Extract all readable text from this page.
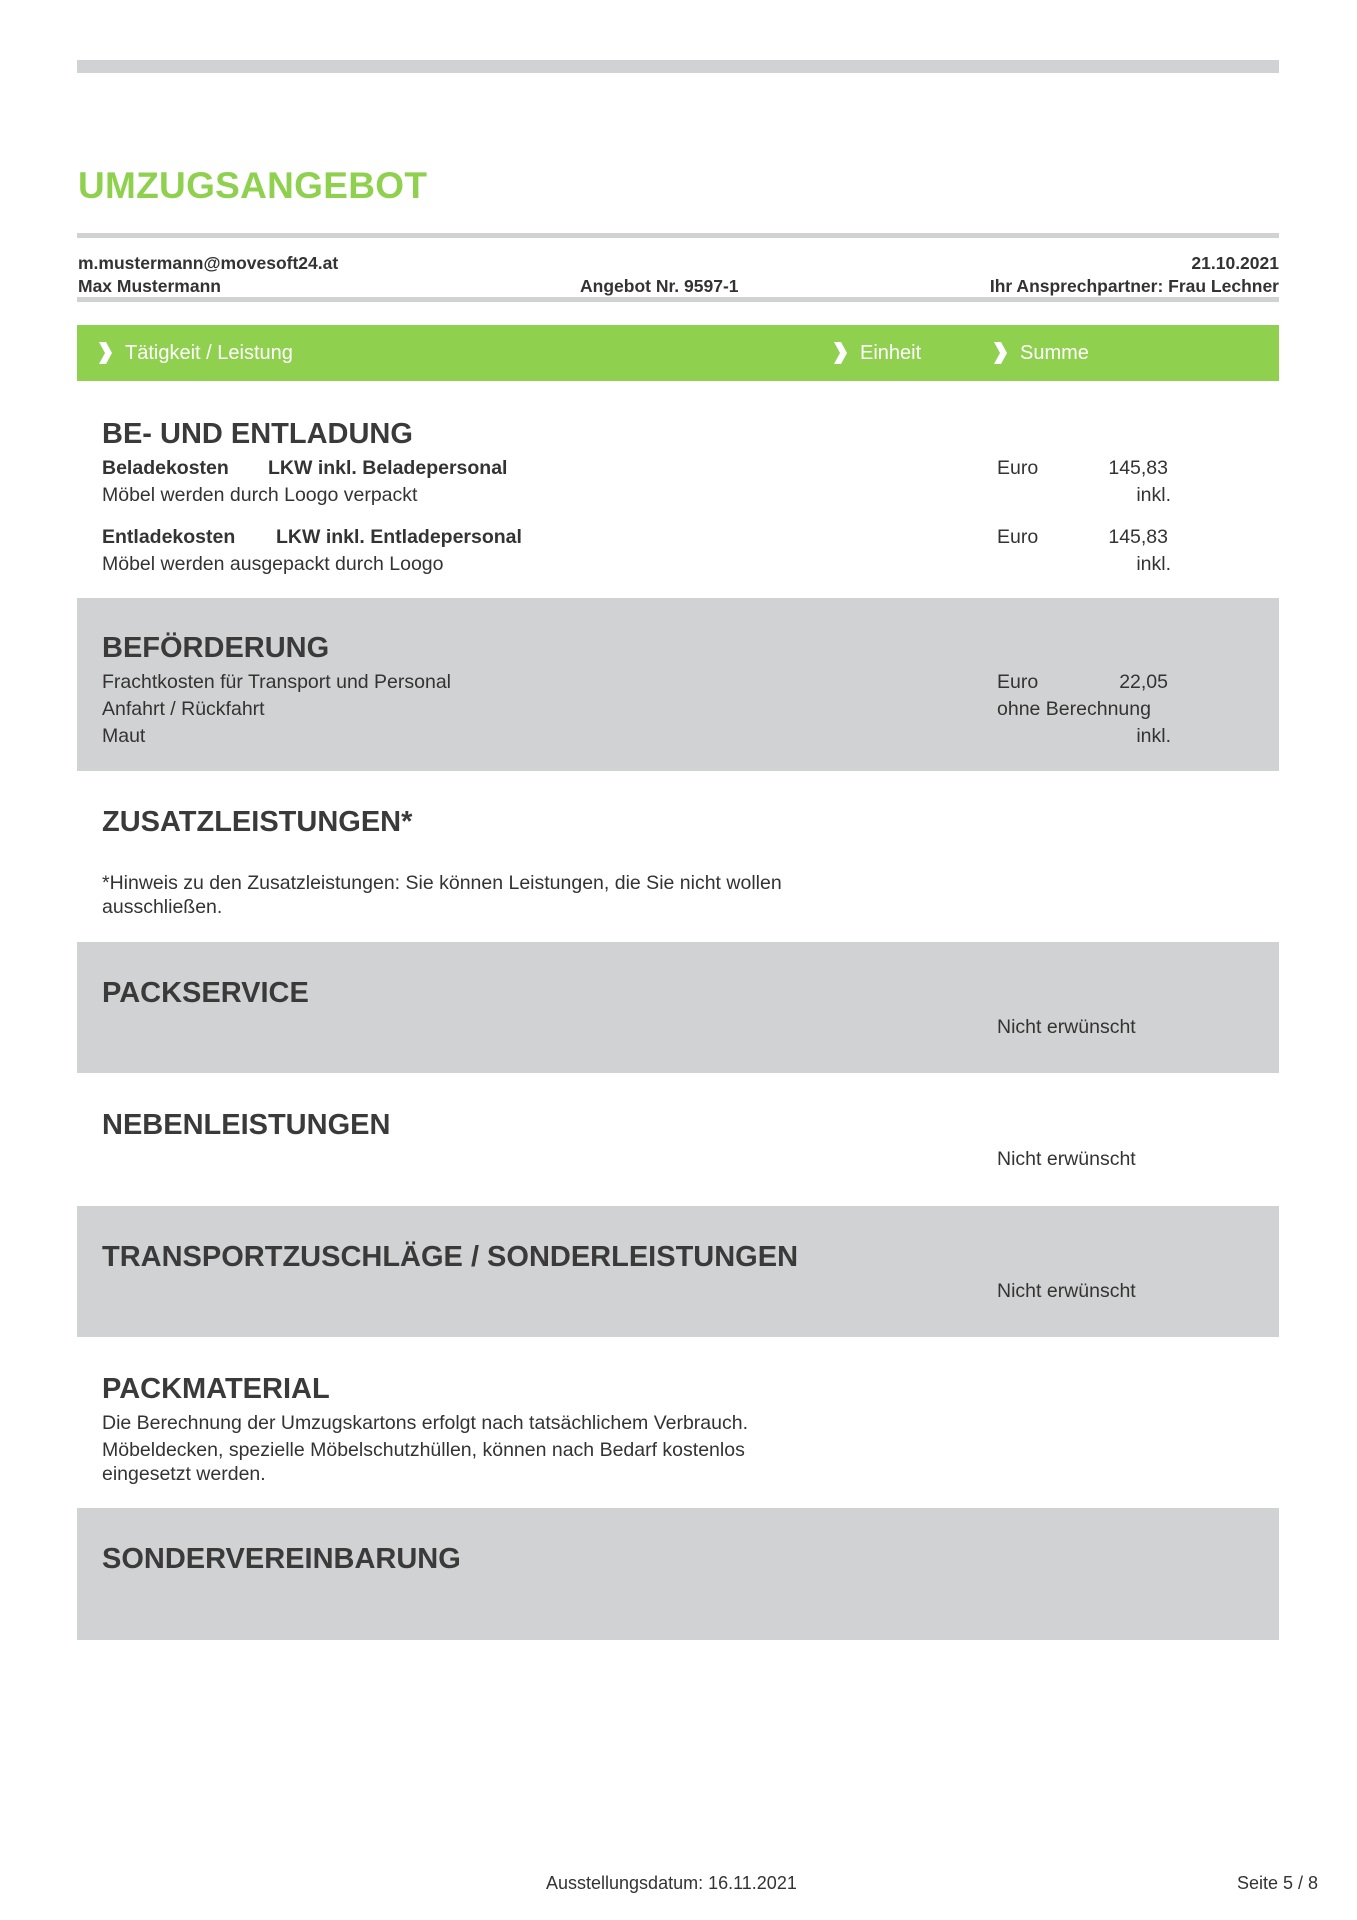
UMZUGSANGEBOT
m.mustermann@movesoft24.at
Max Mustermann	Angebot Nr. 9597-1
21.10.2021
Ihr Ansprechpartner: Frau Lechner
Tätigkeit / Leistung	Einheit	Summe
BE- UND ENTLADUNG
Beladekosten LKW inkl. Beladepersonal	Euro	145,83
Möbel werden durch Loogo verpackt	inkl.
Entladekosten LKW inkl. Entladepersonal	Euro	145,83
Möbel werden ausgepackt durch Loogo	inkl.
BEFÖRDERUNG
Frachtkosten für Transport und Personal	Euro	22,05
Anfahrt / Rückfahrt	ohne Berechnung
Maut	inkl.
ZUSATZLEISTUNGEN*
*Hinweis zu den Zusatzleistungen: Sie können Leistungen, die Sie nicht wollen ausschließen.
PACKSERVICE
Nicht erwünscht
NEBENLEISTUNGEN
Nicht erwünscht
TRANSPORTZUSCHLÄGE / SONDERLEISTUNGEN
Nicht erwünscht
PACKMATERIAL
Die Berechnung der Umzugskartons erfolgt nach tatsächlichem Verbrauch.
Möbeldecken, spezielle Möbelschutzhüllen, können nach Bedarf kostenlos eingesetzt werden.
SONDERVEREINBARUNG
Ausstellungsdatum: 16.11.2021	Seite 5 / 8
